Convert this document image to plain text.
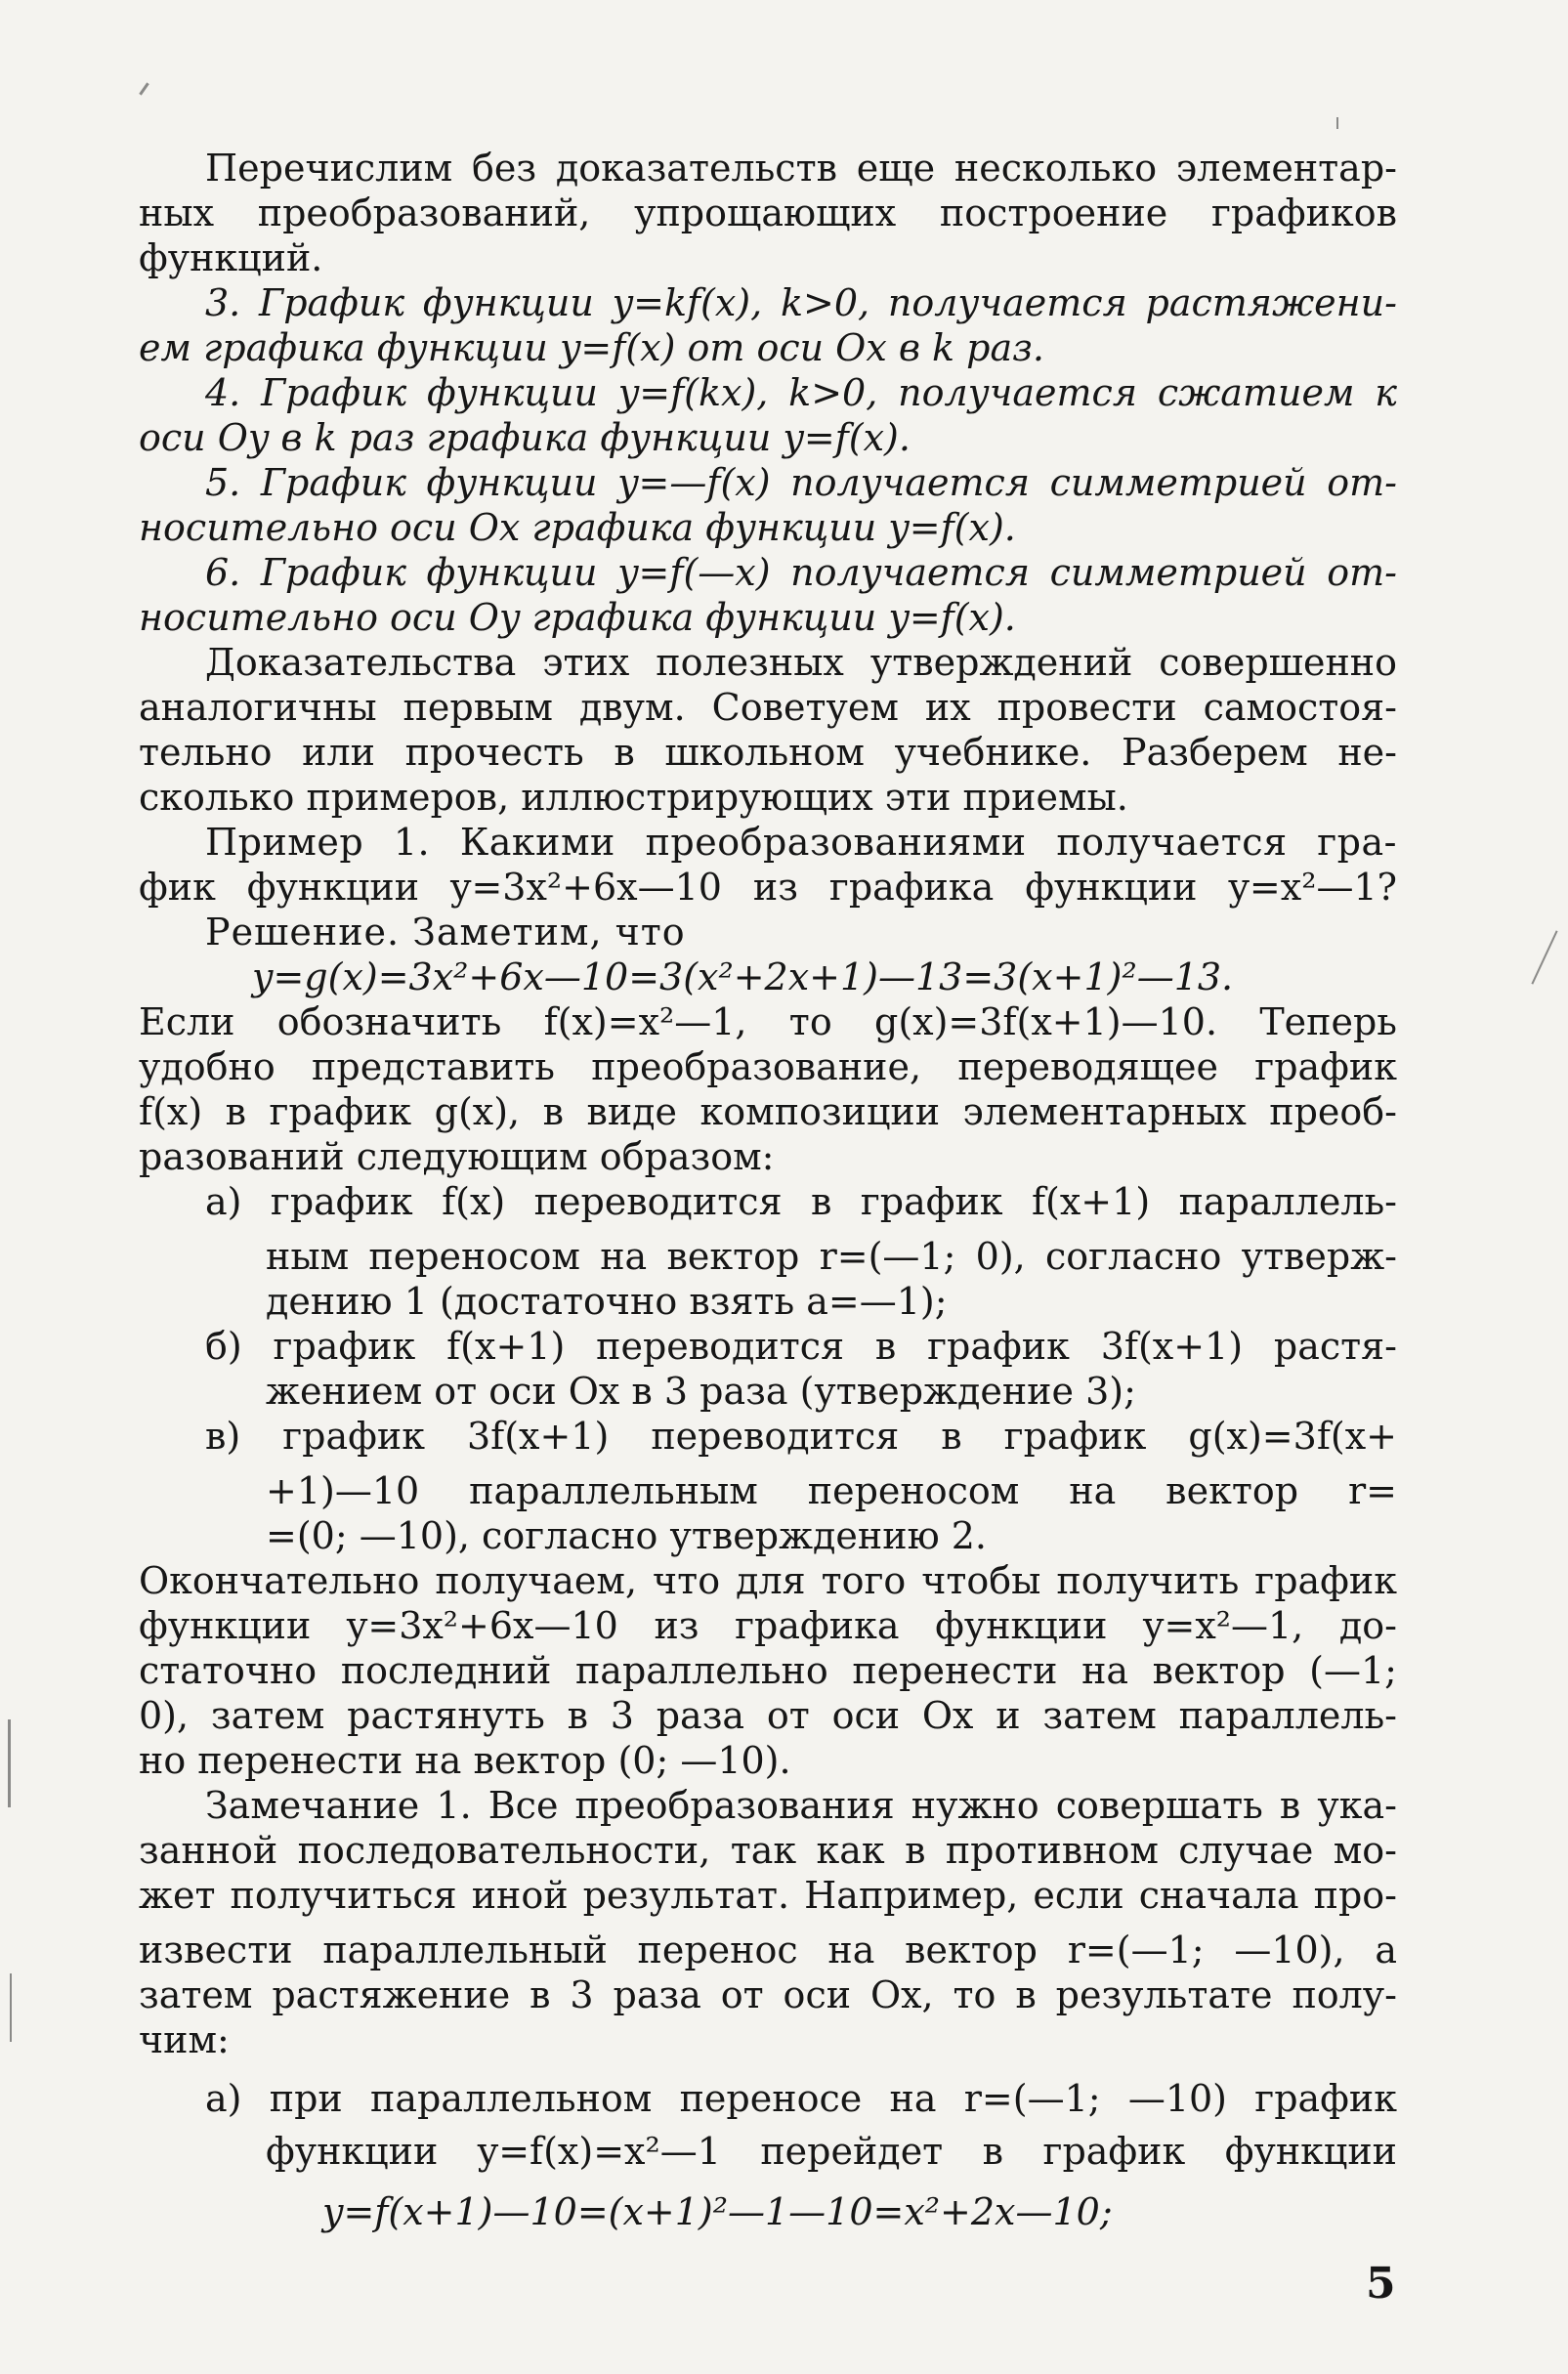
Перечислим без доказательств еще несколько элементар-
ных преобразований, упрощающих построение графиков
функций.
3. График функции y=kf(x), k>0, получается растяжени-
ем графика функции y=f(x) от оси Ox в k раз.
4. График функции y=f(kx), k>0, получается сжатием к
оси Oy в k раз графика функции y=f(x).
5. График функции y=—f(x) получается симметрией от-
носительно оси Ox графика функции y=f(x).
6. График функции y=f(—x) получается симметрией от-
носительно оси Oy графика функции y=f(x).
Доказательства этих полезных утверждений совершенно
аналогичны первым двум. Советуем их провести самостоя-
тельно или прочесть в школьном учебнике. Разберем не-
сколько примеров, иллюстрирующих эти приемы.
Пример 1. Какими преобразованиями получается гра-
фик функции y=3x²+6x—10 из графика функции y=x²—1?
Решение. Заметим, что
y=g(x)=3x²+6x—10=3(x²+2x+1)—13=3(x+1)²—13.
Если обозначить f(x)=x²—1, то g(x)=3f(x+1)—10. Теперь
удобно представить преобразование, переводящее график
f(x) в график g(x), в виде композиции элементарных преоб-
разований следующим образом:
а) график f(x) переводится в график f(x+1) параллель-
ным переносом на вектор r=(—1; 0), согласно утверж-
дению 1 (достаточно взять a=—1);
б) график f(x+1) переводится в график 3f(x+1) растя-
жением от оси Ox в 3 раза (утверждение 3);
в) график 3f(x+1) переводится в график g(x)=3f(x+
+1)—10 параллельным переносом на вектор r=
=(0; —10), согласно утверждению 2.
Окончательно получаем, что для того чтобы получить график
функции y=3x²+6x—10 из графика функции y=x²—1, до-
статочно последний параллельно перенести на вектор (—1;
0), затем растянуть в 3 раза от оси Ox и затем параллель-
но перенести на вектор (0; —10).
Замечание 1. Все преобразования нужно совершать в ука-
занной последовательности, так как в противном случае мо-
жет получиться иной результат. Например, если сначала про-
извести параллельный перенос на вектор r=(—1; —10), а
затем растяжение в 3 раза от оси Ox, то в результате полу-
чим:
а) при параллельном переносе на r=(—1; —10) график
функции y=f(x)=x²—1 перейдет в график функции
y=f(x+1)—10=(x+1)²—1—10=x²+2x—10;
5
